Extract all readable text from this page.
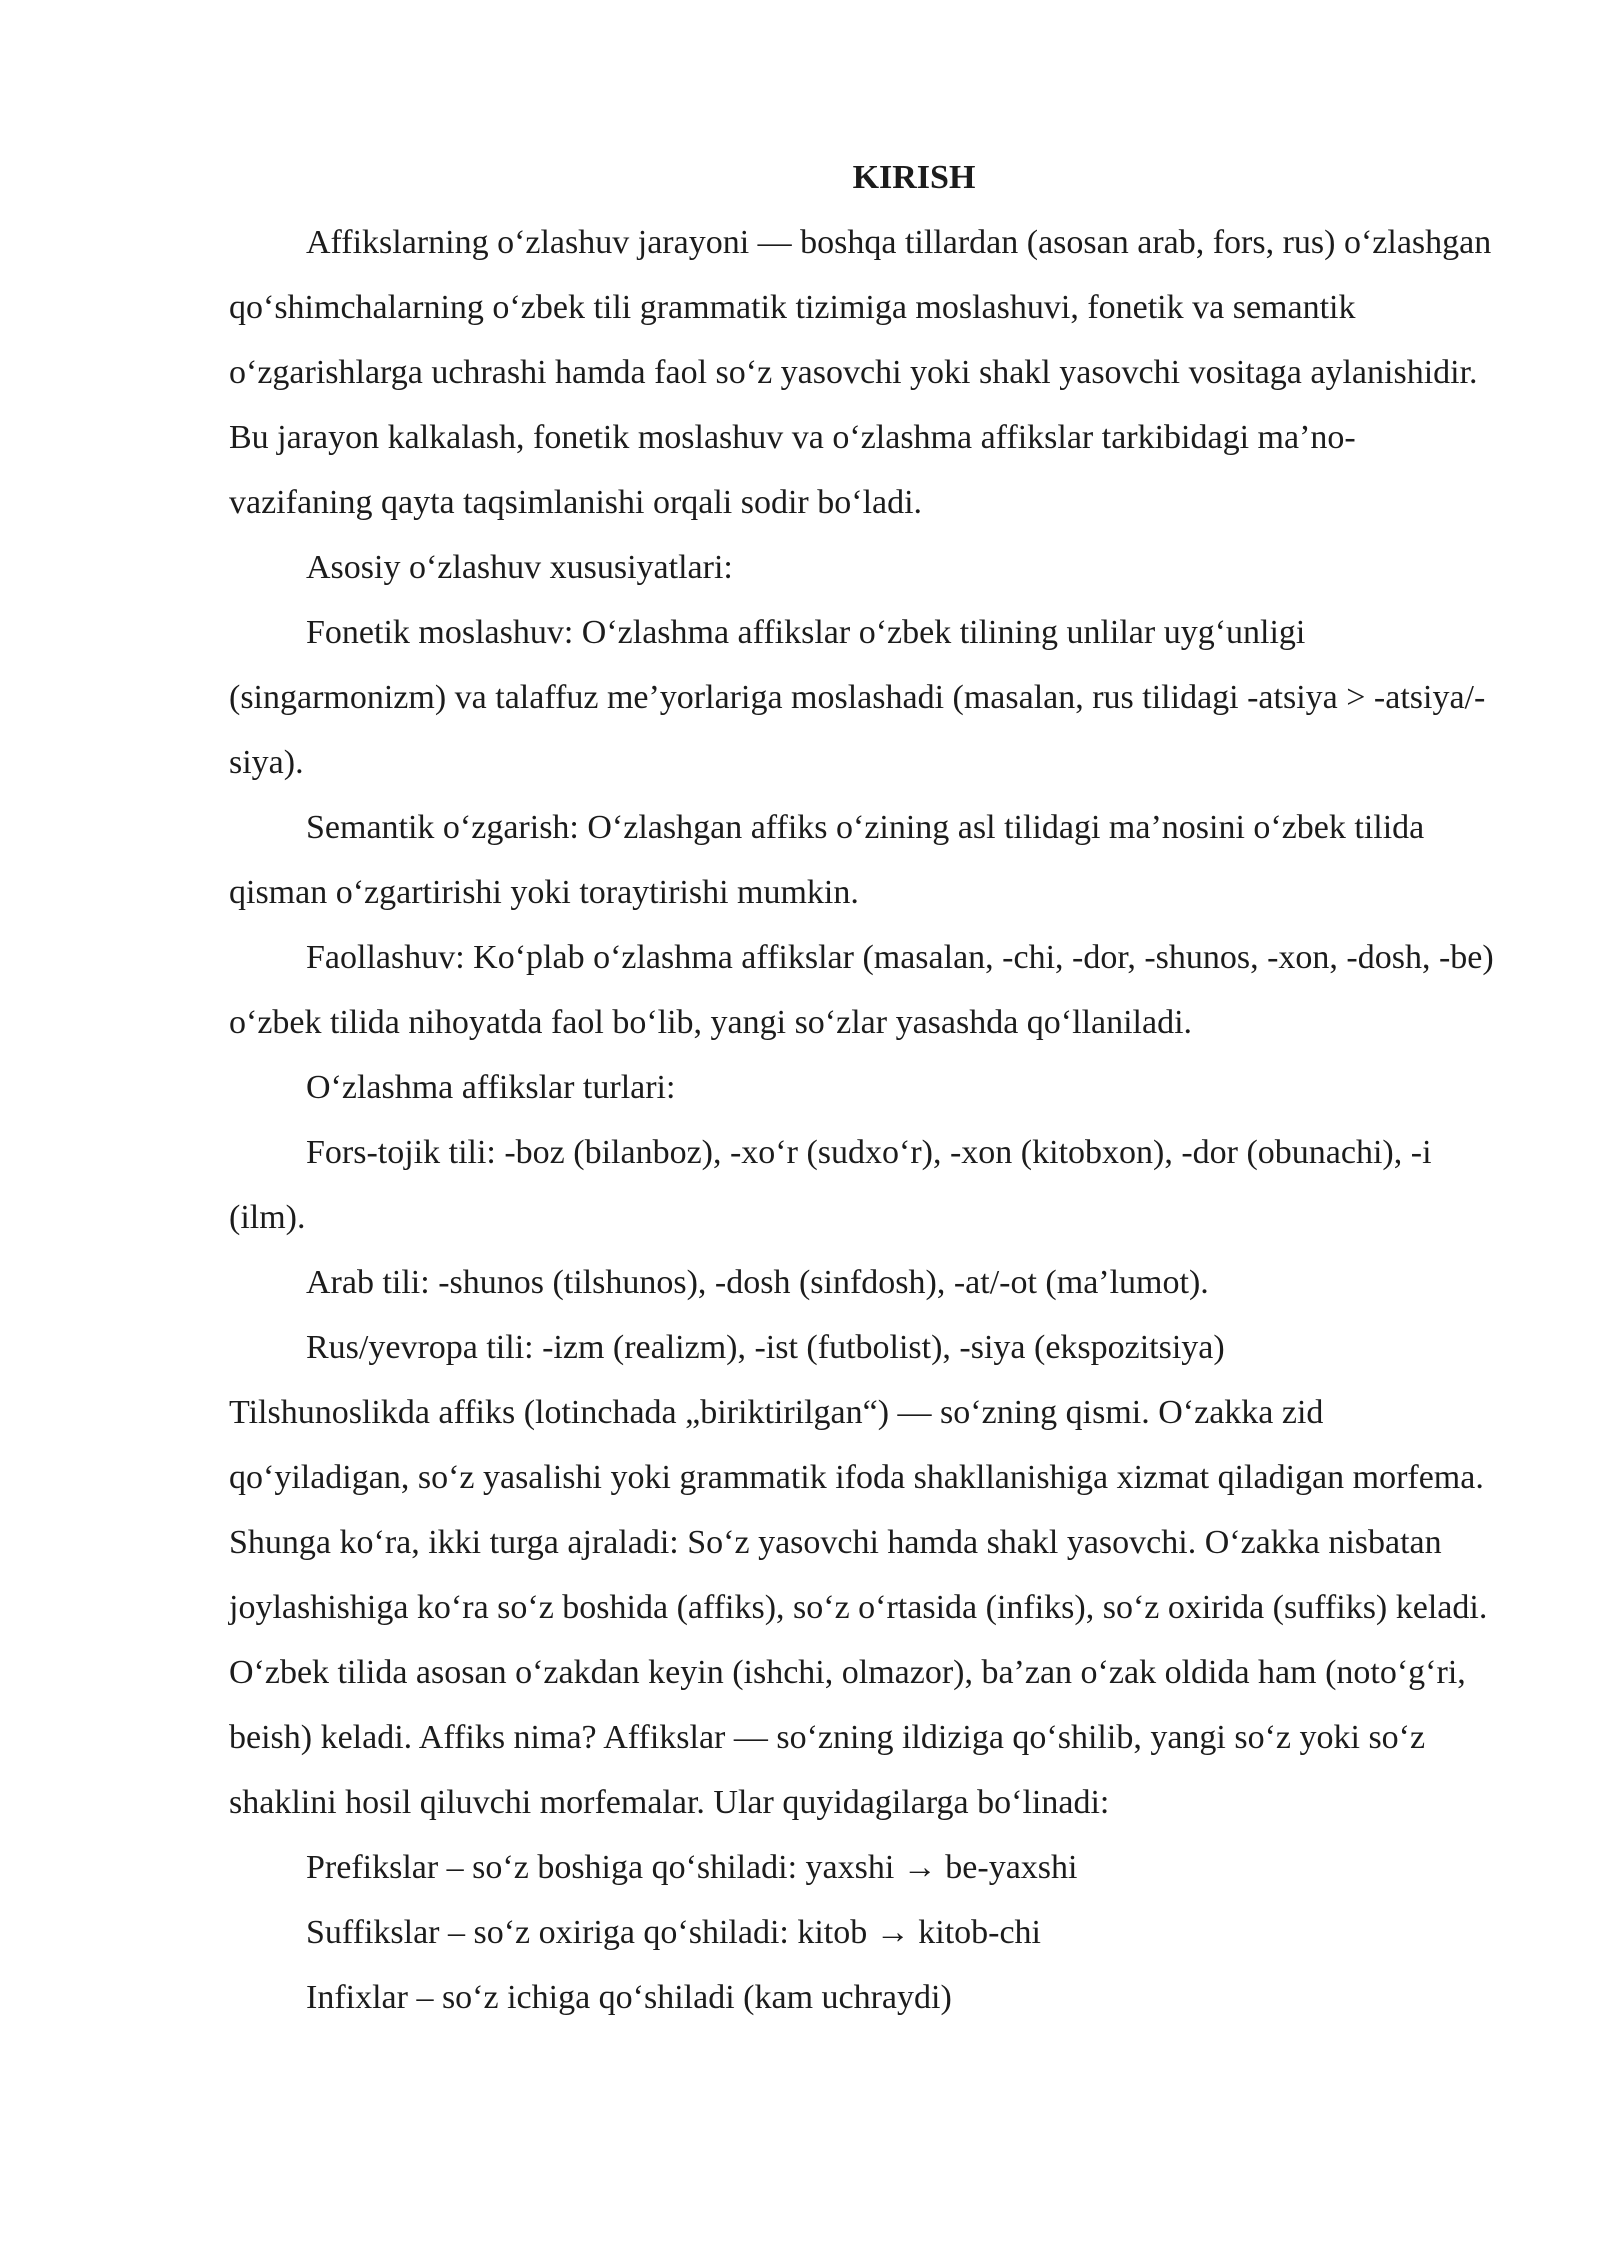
KIRISH

Affikslarning o‘zlashuv jarayoni — boshqa tillardan (asosan arab, fors, rus) o‘zlashgan qo‘shimchalarning o‘zbek tili grammatik tizimiga moslashuvi, fonetik va semantik o‘zgarishlarga uchrashi hamda faol so‘z yasovchi yoki shakl yasovchi vositaga aylanishidir. Bu jarayon kalkalash, fonetik moslashuv va o‘zlashma affikslar tarkibidagi ma’no-vazifaning qayta taqsimlanishi orqali sodir bo‘ladi.

Asosiy o‘zlashuv xususiyatlari:

Fonetik moslashuv: O‘zlashma affikslar o‘zbek tilining unlilar uyg‘unligi (singarmonizm) va talaffuz me’yorlariga moslashadi (masalan, rus tilidagi -atsiya > -atsiya/-siya).

Semantik o‘zgarish: O‘zlashgan affiks o‘zining asl tilidagi ma’nosini o‘zbek tilida qisman o‘zgartirishi yoki toraytirishi mumkin.

Faollashuv: Ko‘plab o‘zlashma affikslar (masalan, -chi, -dor, -shunos, -xon, -dosh, -be) o‘zbek tilida nihoyatda faol bo‘lib, yangi so‘zlar yasashda qo‘llaniladi.

O‘zlashma affikslar turlari:

Fors-tojik tili: -boz (bilanboz), -xo‘r (sudxo‘r), -xon (kitobxon), -dor (obunachi), -i (ilm).

Arab tili: -shunos (tilshunos), -dosh (sinfdosh), -at/-ot (ma’lumot).

Rus/yevropa tili: -izm (realizm), -ist (futbolist), -siya (ekspozitsiya)

Tilshunoslikda affiks (lotinchada „biriktirilgan“) — so‘zning qismi. O‘zakka zid qo‘yiladigan, so‘z yasalishi yoki grammatik ifoda shakllanishiga xizmat qiladigan morfema. Shunga ko‘ra, ikki turga ajraladi: So‘z yasovchi hamda shakl yasovchi. O‘zakka nisbatan joylashishiga ko‘ra so‘z boshida (affiks), so‘z o‘rtasida (infiks), so‘z oxirida (suffiks) keladi. O‘zbek tilida asosan o‘zakdan keyin (ishchi, olmazor), ba’zan o‘zak oldida ham (noto‘g‘ri, beish) keladi. Affiks nima? Affikslar — so‘zning ildiziga qo‘shilib, yangi so‘z yoki so‘z shaklini hosil qiluvchi morfemalar. Ular quyidagilarga bo‘linadi:

Prefikslar – so‘z boshiga qo‘shiladi: yaxshi → be-yaxshi

Suffikslar – so‘z oxiriga qo‘shiladi: kitob → kitob-chi

Infixlar – so‘z ichiga qo‘shiladi (kam uchraydi)
